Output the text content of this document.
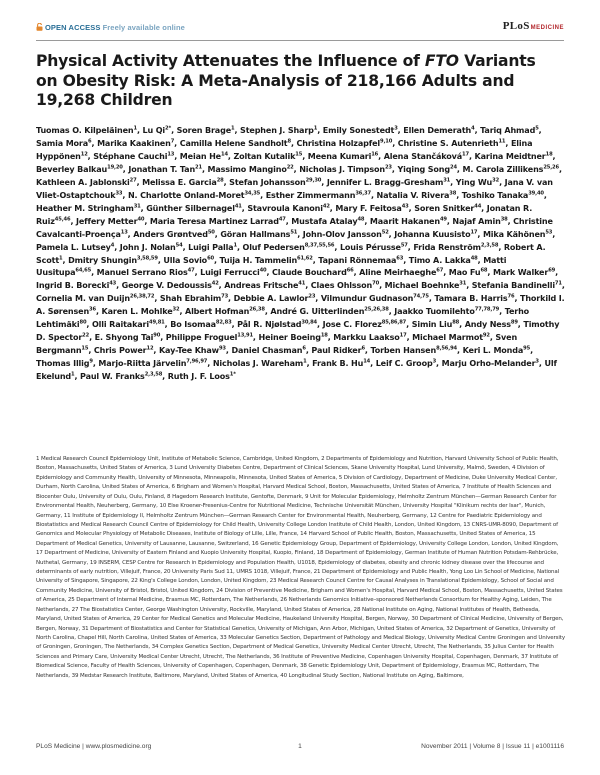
OPEN ACCESS Freely available online	PLoSMEDICINE
Physical Activity Attenuates the Influence of FTO Variants on Obesity Risk: A Meta-Analysis of 218,166 Adults and 19,268 Children

Tuomas O. Kilpeläinen$^1$, Lu $Qi^{2*}$, Soren Brage$^1$, Stephen J. Sharp$^1$, Emily Sonestedt$^3$, Ellen Demerath$^4$, Tariq Ahmad$^5$, Samia Mora$^6$, Marika Kaakinen$^7$, Camilla Helene Sandholt$^8$, Christina Holzapfel$^{9,10}$, Christine S. Autenrieth$^{11}$, Elina Hyppönen$^{12}$, Stéphane Cauchi$^{13}$, Meian He$^{14}$, Zoltan Kutalik$^{15}$, Meena Kumari$^{16}$, Alena Stančáková$^{17}$, Karina Meidtner$^{18}$, Beverley Balkau$^{19,20}$, Jonathan T. Tan$^{21}$, Massimo Mangino$^{22}$, Nicholas J. Timpson$^{23}$, Yiqing Song$^{24}$, M. Carola Zillikens$^{25,26}$, Kathleen A. Jablonski$^{27}$, Melissa E. Garcia$^{28}$, Stefan Johansson$^{29,30}$, Jennifer L. Bragg-Gresham$^{31}$, Ying Wu$^{32}$, Jana V. van Vliet-Ostaptchouk$^{33}$, N. Charlotte Onland-Moret$^{34,35}$, Esther Zimmermann$^{36,37}$, Natalia V. Rivera$^{38}$, Toshiko Tanaka$^{39,40}$, Heather M. Stringham$^{31}$, Günther Silbernagel$^{41}$, Stavroula Kanoni$^{42}$, Mary F. Feitosa$^{43}$, Soren Snitker$^{44}$, Jonatan R. Ruiz$^{45,46}$, Jeffery Metter$^{40}$, Maria Teresa Martinez Larrad$^{47}$, Mustafa Atalay$^{48}$, Maarit Hakanen$^{49}$, Najaf Amin$^{38}$, Christine Cavalcanti-Proença$^{13}$, Anders Grøntved$^{50}$, Göran Hallmans$^{51}$, John-Olov Jansson$^{52}$, Johanna Kuusisto$^{17}$, Mika Kähönen$^{53}$, Pamela L. Lutsey$^4$, John J. Nolan$^{54}$, Luigi Palla$^1$, Oluf Pedersen$^{8,37,55,56}$, Louis Pérusse$^{57}$, Frida Renström$^{2,3,58}$, Robert A. Scott$^1$, Dmitry Shungin$^{3,58,59}$, Ulla Sovio$^{60}$, Tuija H. Tammelin$^{61,62}$, Tapani Rönnemaa$^{63}$, Timo A. Lakka$^{48}$, Matti Uusitupa$^{64,65}$, Manuel Serrano Rios$^{47}$, Luigi Ferrucci$^{40}$, Claude Bouchard$^{66}$, Aline Meirhaeghe$^{67}$, Mao Fu$^{68}$, Mark Walker$^{69}$, Ingrid B. Borecki$^{43}$, George V. Dedoussis$^{42}$, Andreas Fritsche$^{41}$, Claes Ohlsson$^{70}$, Michael Boehnke$^{31}$, Stefania Bandinelli$^{71}$, Cornelia M. van Duijn$^{26,38,72}$, Shah Ebrahim$^{73}$, Debbie A. Lawlor$^{23}$, Vilmundur Gudnason$^{74,75}$, Tamara B. Harris$^{76}$, Thorkild I. A. Sørensen$^{36}$, Karen L. Mohlke$^{32}$, Albert Hofman$^{26,38}$, André G. Uitterlinden$^{25,26,38}$, Jaakko Tuomilehto$^{77,78,79}$, Terho Lehtimäki$^{80}$, Olli Raitakari$^{49,81}$, Bo Isomaa$^{82,83}$, Pål R. Njølstad$^{30,84}$, Jose C. Florez$^{85,86,87}$, Simin Liu$^{88}$, Andy Ness$^{89}$, Timothy D. Spector$^{22}$, E. Shyong Tai$^{90}$, Philippe Froguel$^{13,91}$, Heiner Boeing$^{18}$, Markku Laakso$^{17}$, Michael Marmot$^{92}$, Sven Bergmann$^{15}$, Chris Power$^{12}$, Kay-Tee Khaw$^{93}$, Daniel Chasman$^6$, Paul Ridker$^6$, Torben Hansen$^{8,56,94}$, Keri L. Monda$^{95}$, Thomas Illig$^9$, Marjo-Riitta Järvelin$^{7,96,97}$, Nicholas J. Wareham$^1$, Frank B. Hu$^{14}$, Leif C. Groop$^3$, Marju Orho-Melander$^3$, Ulf Ekelund$^1$, Paul W. Franks$^{2,3,58}$, Ruth J. F. Loos$^{1*}$

1 Medical Research Council Epidemiology Unit, Institute of Metabolic Science, Cambridge, United Kingdom, 2 Departments of Epidemiology and Nutrition, Harvard University School of Public Health, Boston, Massachusetts, United States of America, 3 Lund University Diabetes Centre, Department of Clinical Sciences, Skane University Hospital, Lund University, Malmö, Sweden, 4 Division of Epidemiology and Community Health, University of Minnesota, Minneapolis, Minnesota, United States of America, 5 Division of Cardiology, Department of Medicine, Duke University Medical Center, Durham, North Carolina, United States of America, 6 Brigham and Women's Hospital, Harvard Medical School, Boston, Massachusetts, United States of America, 7 Institute of Health Sciences and Biocenter Oulu, University of Oulu, Oulu, Finland, 8 Hagedorn Research Institute, Gentofte, Denmark, 9 Unit for Molecular Epidemiology, Helmholtz Zentrum München—German Research Center for Environmental Health, Neuherberg, Germany, 10 Else Kroener-Fresenius-Centre for Nutritional Medicine, Technische Universität München, University Hospital "Klinikum rechts der Isar", Munich, Germany, 11 Institute of Epidemiology II, Helmholtz Zentrum München—German Research Center for Environmental Health, Neuherberg, Germany, 12 Centre for Paediatric Epidemiology and Biostatistics and Medical Research Council Centre of Epidemiology for Child Health, University College London Institute of Child Health, London, United Kingdom, 13 CNRS-UMR-8090, Department of Genomics and Molecular Physiology of Metabolic Diseases, Institute of Biology of Lille, Lille, France, 14 Harvard School of Public Health, Boston, Massachusetts, United States of America, 15 Department of Medical Genetics, University of Lausanne, Lausanne, Switzerland, 16 Genetic Epidemiology Group, Department of Epidemiology, University College London, London, United Kingdom, 17 Department of Medicine, University of Eastern Finland and Kuopio University Hospital, Kuopio, Finland, 18 Department of Epidemiology, German Institute of Human Nutrition Potsdam-Rehbrücke, Nuthetal, Germany, 19 INSERM, CESP Centre for Research in Epidemiology and Population Health, U1018, Epidemiology of diabetes, obesity and chronic kidney disease over the lifecourse and determinants of early nutrition, Villejuif, France, 20 University Paris Sud 11, UMRS 1018, Villejuif, France, 21 Department of Epidemiology and Public Health, Yong Loo Lin School of Medicine, National University of Singapore, Singapore, 22 King's College London, London, United Kingdom, 23 Medical Research Council Centre for Causal Analyses in Translational Epidemiology, School of Social and Community Medicine, University of Bristol, Bristol, United Kingdom, 24 Division of Preventive Medicine, Brigham and Women's Hospital, Harvard Medical School, Boston, Massachusetts, United States of America, 25 Department of Internal Medicine, Erasmus MC, Rotterdam, The Netherlands, 26 Netherlands Genomics Initiative–sponsored Netherlands Consortium for Healthy Aging, Leiden, The Netherlands, 27 The Biostatistics Center, George Washington University, Rockville, Maryland, United States of America, 28 National Institute on Aging, National Institutes of Health, Bethesda, Maryland, United States of America, 29 Center for Medical Genetics and Molecular Medicine, Haukeland University Hospital, Bergen, Norway, 30 Department of Clinical Medicine, University of Bergen, Bergen, Norway, 31 Department of Biostatistics and Center for Statistical Genetics, University of Michigan, Ann Arbor, Michigan, United States of America, 32 Department of Genetics, University of North Carolina, Chapel Hill, North Carolina, United States of America, 33 Molecular Genetics Section, Department of Pathology and Medical Biology, University Medical Centre Groningen and University of Groningen, Groningen, The Netherlands, 34 Complex Genetics Section, Department of Medical Genetics, University Medical Center Utrecht, Utrecht, The Netherlands, 35 Julius Center for Health Sciences and Primary Care, University Medical Center Utrecht, Utrecht, The Netherlands, 36 Institute of Preventive Medicine, Copenhagen University Hospital, Copenhagen, Denmark, 37 Institute of Biomedical Science, Faculty of Health Sciences, University of Copenhagen, Copenhagen, Denmark, 38 Genetic Epidemiology Unit, Department of Epidemiology, Erasmus MC, Rotterdam, The Netherlands, 39 Medstar Research Institute, Baltimore, Maryland, United States of America, 40 Longitudinal Study Section, National Institute on Aging, Baltimore,

PLoS Medicine | www.plosmedicine.org	1	November 2011 | Volume 8 | Issue 11 | e1001116
